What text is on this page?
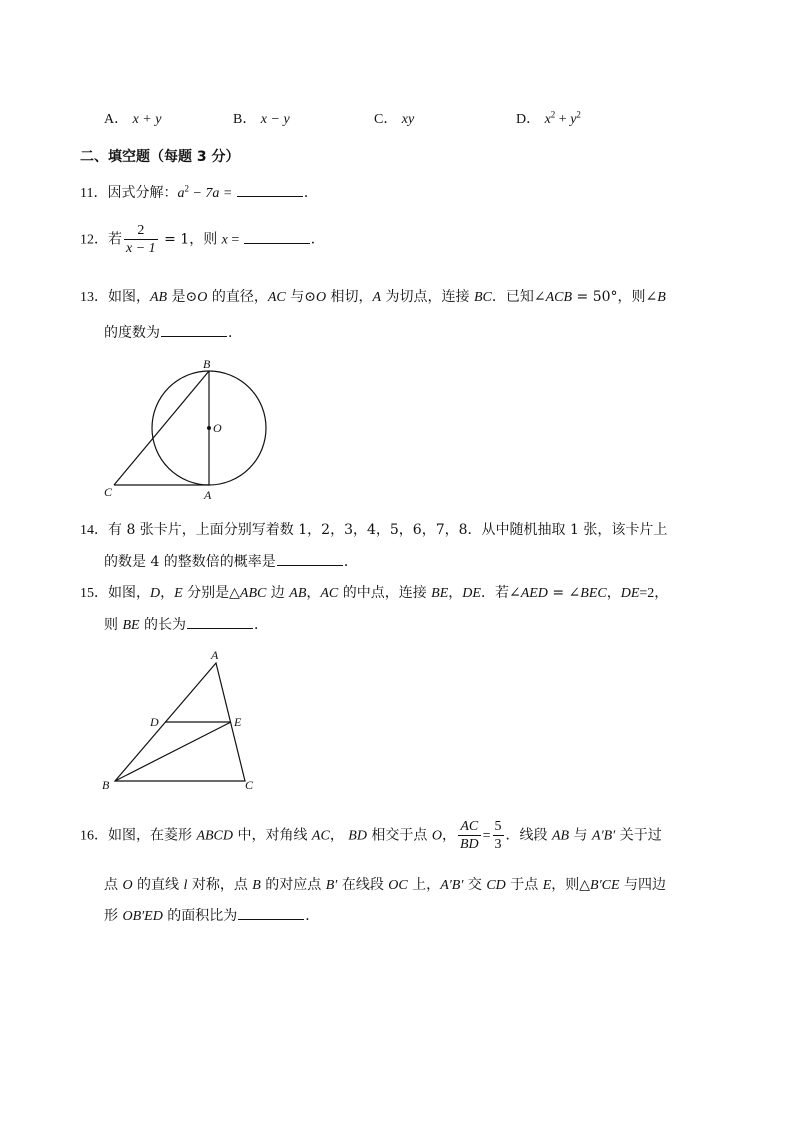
A． x + y	B． x − y	C． xy	D． $x^2 + y^2$
二、填空题（每题 3 分）
11．因式分解：$a^2 - 7a$ =	．
12．若 $\frac{2}{x - 1} = 1$，则 x =	．
13．如图，AB 是⊙O 的直径，AC 与⊙O 相切，A 为切点，连接 BC．已知∠ACB = 50°，则∠B
的度数为	．
B
O
C	A
14．有 8 张卡片，上面分别写着数 1，2，3，4，5，6，7，8．从中随机抽取 1 张，该卡片上
的数是 4 的整数倍的概率是	．
15．如图，D，E 分别是△ABC 边 AB，AC 的中点，连接 BE，DE．若∠AED = ∠BEC，DE=2，
则 BE 的长为	．
A
D	E
B	C
16．如图，在菱形 ABCD 中，对角线 AC， BD 相交于点 O， $\frac{AC}{BD} = \frac{5}{3}$ ．线段 AB 与 A′B′ 关于过
点 O 的直线 l 对称，点 B 的对应点 B′ 在线段 OC 上，A′B′ 交 CD 于点 E，则△B′CE 与四边
形 OB′ED 的面积比为	．
